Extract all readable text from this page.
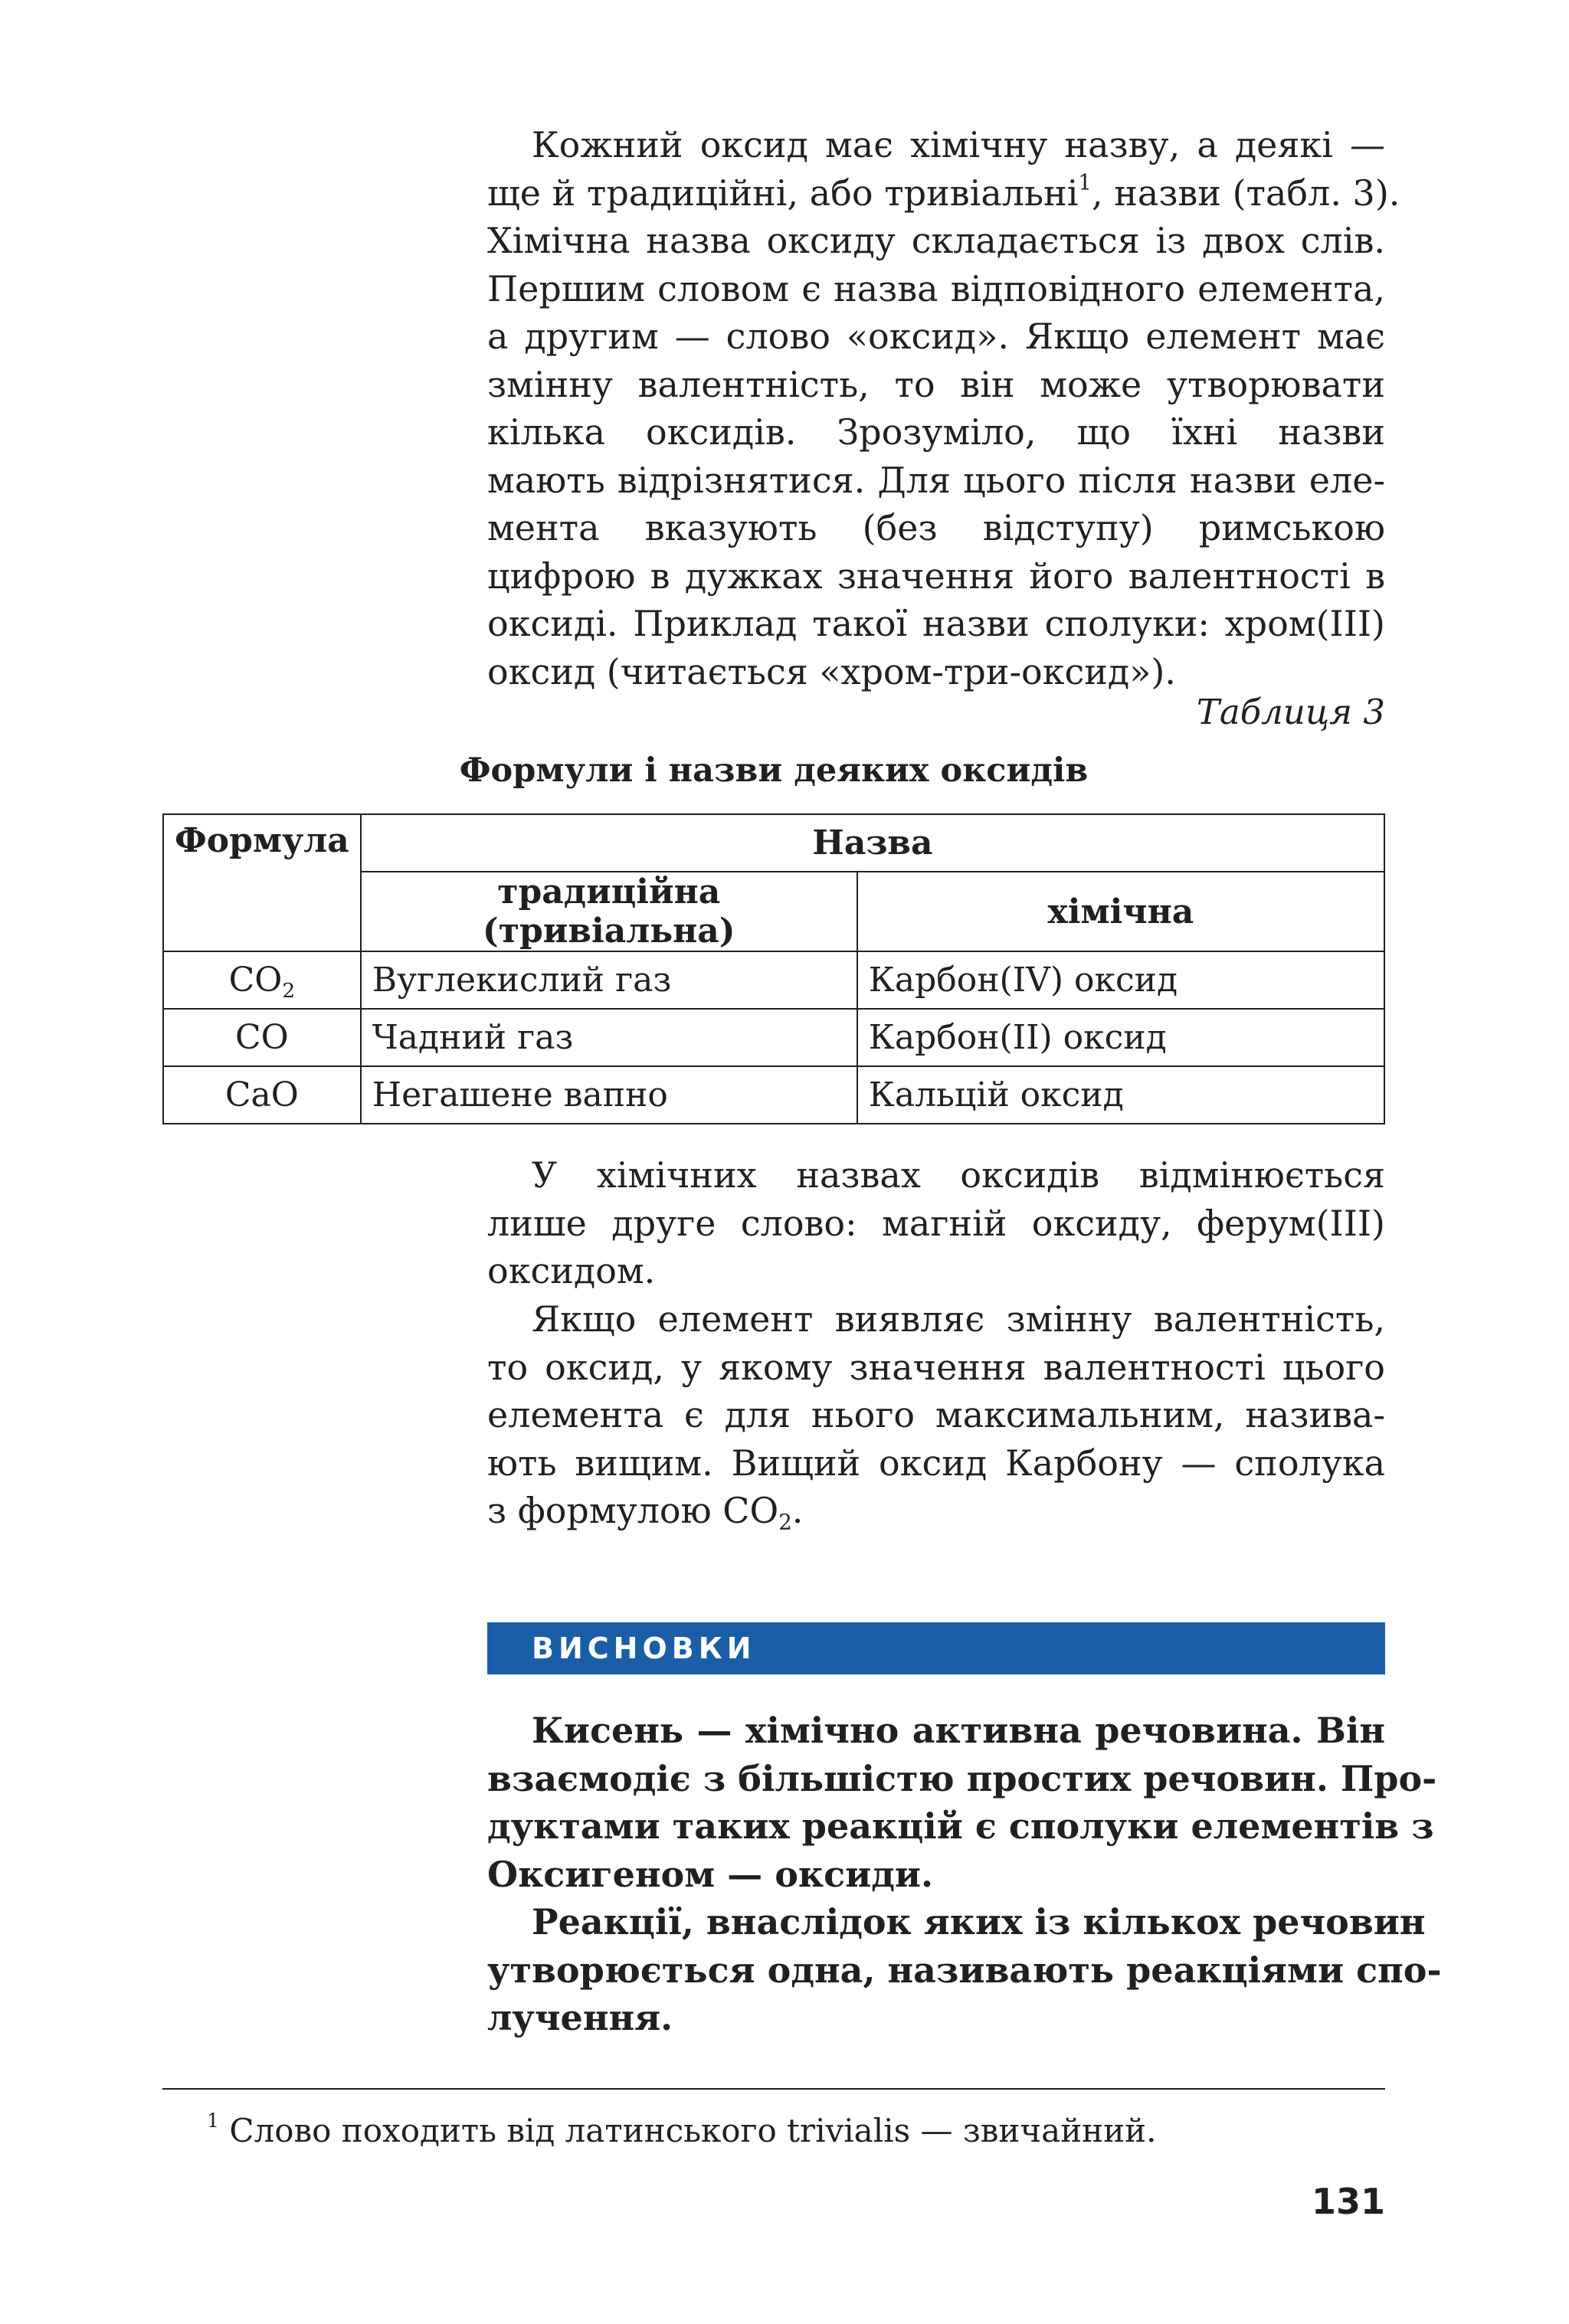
Кожний оксид має хімічну назву, а деякі —
ще й традиційні, або тривіальні$^1$, назви (табл. 3).
Хімічна назва оксиду складається із двох слів.
Першим словом є назва відповідного елемента,
а другим — слово «оксид». Якщо елемент має
змінну валентність, то він може утворювати
кілька оксидів. Зрозуміло, що їхні назви
мають відрізнятися. Для цього після назви еле-
мента вказують (без відступу) римською
цифрою в дужках значення його валентності в
оксиді. Приклад такої назви сполуки: хром(III)
оксид (читається «хром-три-оксид»).

Таблиця 3
Формули і назви деяких оксидів
Формула	Назва	
	традиційна (тривіальна)	хімічна
$CO_2$	Вуглекислий газ	Карбон(IV) оксид
CO	Чадний газ	Карбон(II) оксид
CaO	Негашене вапно	Кальцій оксид

У хімічних назвах оксидів відмінюється
лише друге слово: магній оксиду, ферум(III)
оксидом.

Якщо елемент виявляє змінну валентність,
то оксид, у якому значення валентності цього
елемента є для нього максимальним, назива-
ють вищим. Вищий оксид Карбону — сполука
з формулою $CO_2$.

ВИСНОВКИ

Кисень — хімічно активна речовина. Він
взаємодіє з більшістю простих речовин. Про-
дуктами таких реакцій є сполуки елементів з
Оксигеном — оксиди.

Реакції, внаслідок яких із кількох речовин
утворюється одна, називають реакціями спо-
лучення.

$^1$ Слово походить від латинського trivialis — звичайний.
131
